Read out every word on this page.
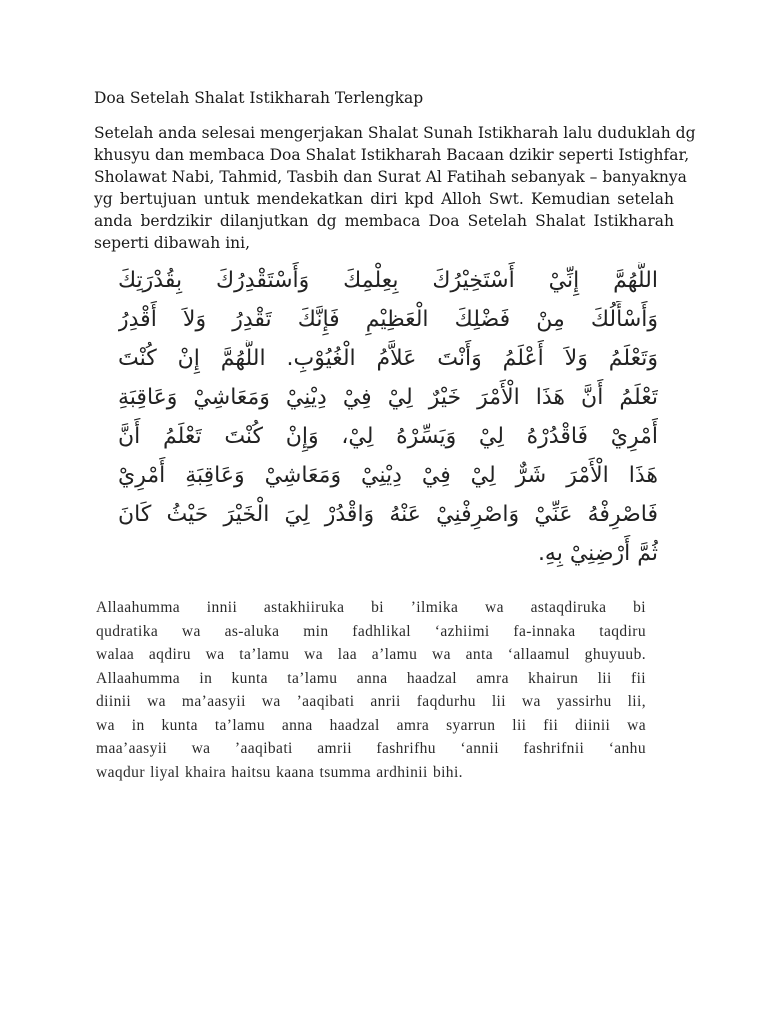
Doa Setelah Shalat Istikharah Terlengkap
Setelah anda selesai mengerjakan Shalat Sunah Istikharah lalu duduklah dg
khusyu dan membaca Doa Shalat Istikharah Bacaan dzikir seperti Istighfar,
Sholawat Nabi, Tahmid, Tasbih dan Surat Al Fatihah sebanyak – banyaknya
yg bertujuan untuk mendekatkan diri kpd Alloh Swt. Kemudian setelah
anda berdzikir dilanjutkan dg membaca Doa Setelah Shalat Istikharah
seperti dibawah ini,
اللَّهُمَّ إِنِّيْ أَسْتَخِيْرُكَ بِعِلْمِكَ وَأَسْتَقْدِرُكَ بِقُدْرَتِكَ
وَأَسْأَلُكَ مِنْ فَضْلِكَ الْعَظِيْمِ فَإِنَّكَ تَقْدِرُ وَلاَ أَقْدِرُ
وَتَعْلَمُ وَلاَ أَعْلَمُ وَأَنْتَ عَلاَّمُ الْغُيُوْبِ. اللَّهُمَّ إِنْ كُنْتَ
تَعْلَمُ أَنَّ هَذَا الْأَمْرَ خَيْرٌ لِيْ فِيْ دِيْنِيْ وَمَعَاشِيْ وَعَاقِبَةِ
أَمْرِيْ فَاقْدُرْهُ لِيْ وَيَسِّرْهُ لِيْ، وَإِنْ كُنْتَ تَعْلَمُ أَنَّ
هَذَا الْأَمْرَ شَرٌّ لِيْ فِيْ دِيْنِيْ وَمَعَاشِيْ وَعَاقِبَةِ أَمْرِيْ
فَاصْرِفْهُ عَنِّيْ وَاصْرِفْنِيْ عَنْهُ وَاقْدُرْ لِيَ الْخَيْرَ حَيْثُ كَانَ
ثُمَّ أَرْضِنِيْ بِهِ.
Allaahumma innii astakhiiruka bi ’ilmika wa astaqdiruka bi
qudratika wa as-aluka min fadhlikal ‘azhiimi fa-innaka taqdiru
walaa aqdiru wa ta’lamu wa laa a’lamu wa anta ‘allaamul ghuyuub.
Allaahumma in kunta ta’lamu anna haadzal amra khairun lii fii
diinii wa ma’aasyii wa ’aaqibati anrii faqdurhu lii wa yassirhu lii,
wa in kunta ta’lamu anna haadzal amra syarrun lii fii diinii wa
maa’aasyii wa ’aaqibati amrii fashrifhu ‘annii fashrifnii ‘anhu
waqdur liyal khaira haitsu kaana tsumma ardhinii bihi.
